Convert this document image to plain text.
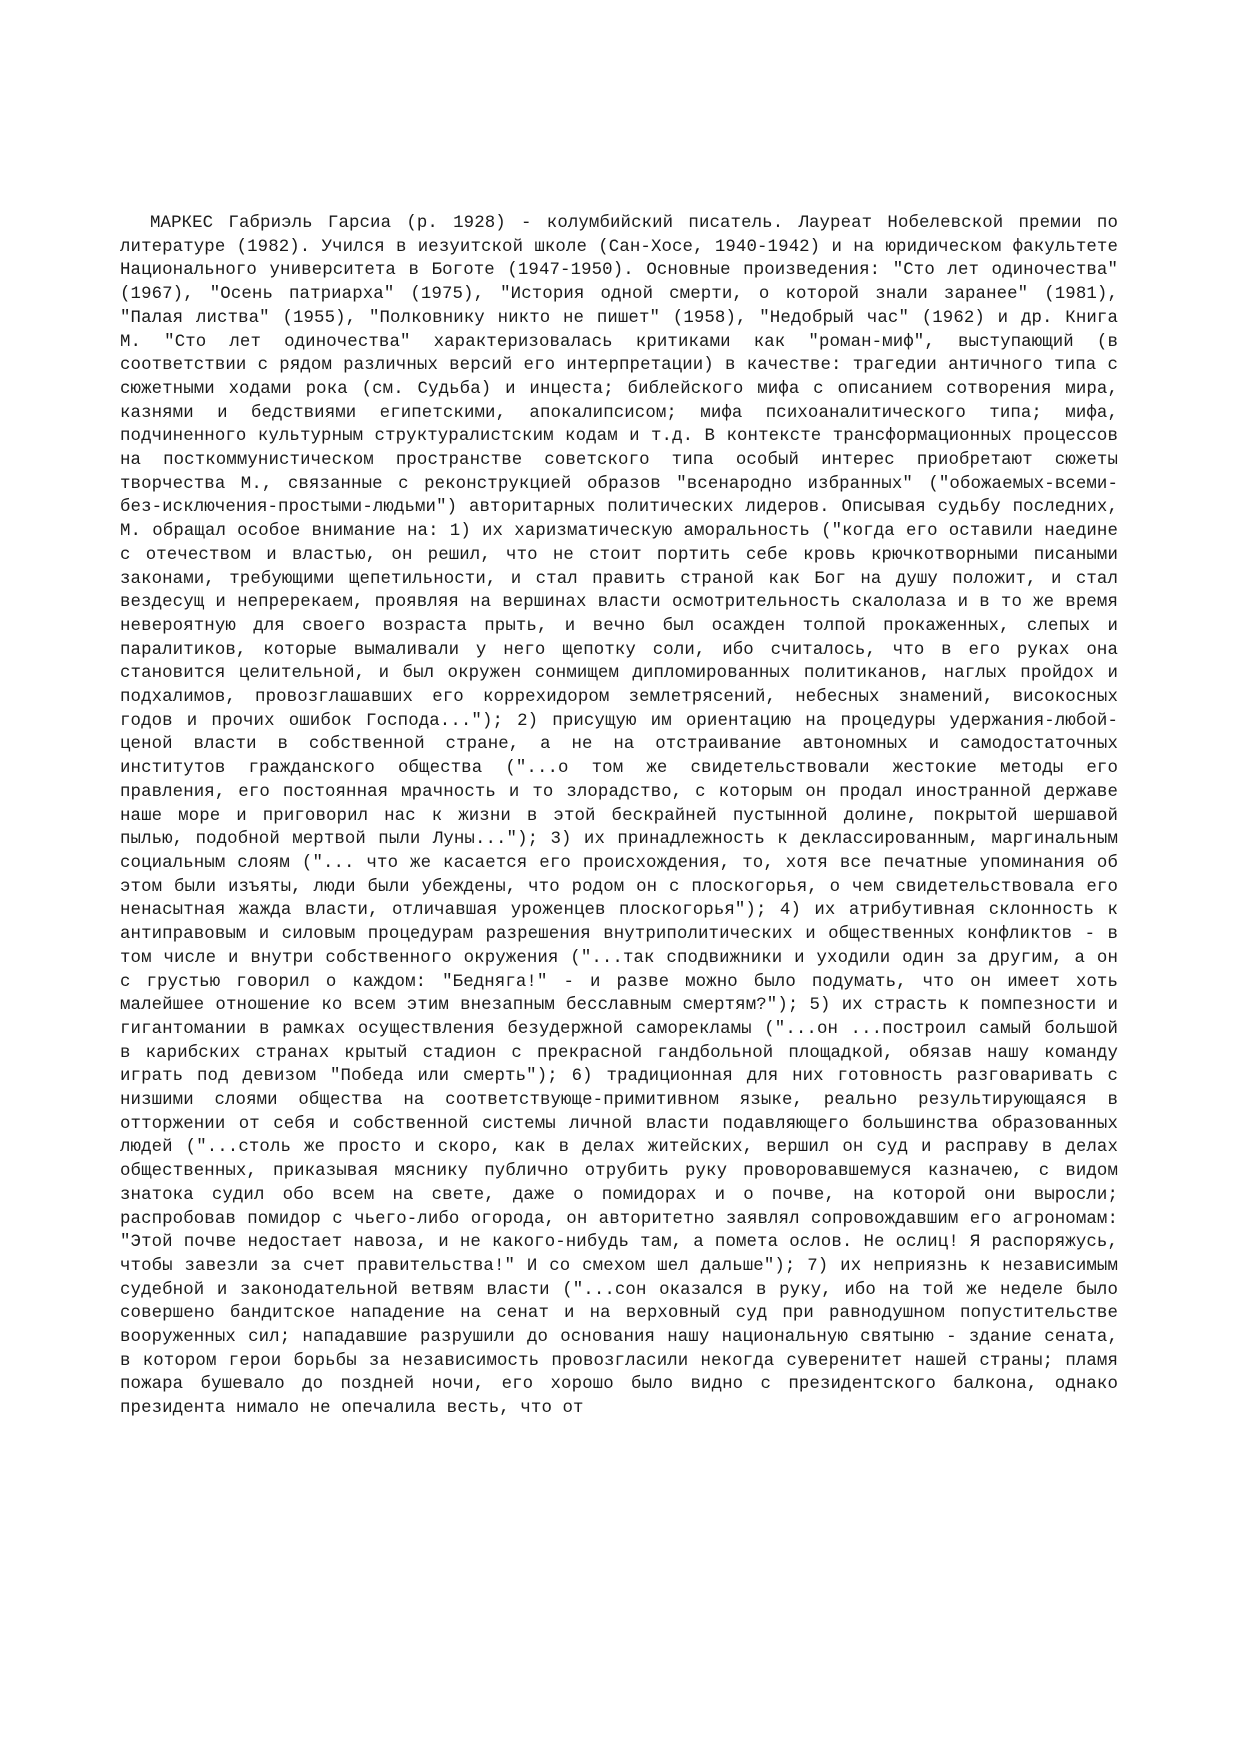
МАРКЕС Габриэль Гарсиа (р. 1928) - колумбийский писатель. Лауреат Нобелевской премии по литературе (1982). Учился в иезуитской школе (Сан-Хосе, 1940-1942) и на юридическом факультете Национального университета в Боготе (1947-1950). Основные произведения: "Сто лет одиночества" (1967), "Осень патриарха" (1975), "История одной смерти, о которой знали заранее" (1981), "Палая листва" (1955), "Полковнику никто не пишет" (1958), "Недобрый час" (1962) и др. Книга М. "Сто лет одиночества" характеризовалась критиками как "роман-миф", выступающий (в соответствии с рядом различных версий его интерпретации) в качестве: трагедии античного типа с сюжетными ходами рока (см. Судьба) и инцеста; библейского мифа с описанием сотворения мира, казнями и бедствиями египетскими, апокалипсисом; мифа психоаналитического типа; мифа, подчиненного культурным структуралистским кодам и т.д. В контексте трансформационных процессов на посткоммунистическом пространстве советского типа особый интерес приобретают сюжеты творчества М., связанные с реконструкцией образов "всенародно избранных" ("обожаемых-всеми-без-исключения-простыми-людьми") авторитарных политических лидеров. Описывая судьбу последних, М. обращал особое внимание на: 1) их харизматическую аморальность ("когда его оставили наедине с отечеством и властью, он решил, что не стоит портить себе кровь крючкотворными писаными законами, требующими щепетильности, и стал править страной как Бог на душу положит, и стал вездесущ и непререкаем, проявляя на вершинах власти осмотрительность скалолаза и в то же время невероятную для своего возраста прыть, и вечно был осажден толпой прокаженных, слепых и паралитиков, которые вымаливали у него щепотку соли, ибо считалось, что в его руках она становится целительной, и был окружен сонмищем дипломированных политиканов, наглых пройдох и подхалимов, провозглашавших его коррехидором землетрясений, небесных знамений, високосных годов и прочих ошибок Господа..."); 2) присущую им ориентацию на процедуры удержания-любой-ценой власти в собственной стране, а не на отстраивание автономных и самодостаточных институтов гражданского общества ("...о том же свидетельствовали жестокие методы его правления, его постоянная мрачность и то злорадство, с которым он продал иностранной державе наше море и приговорил нас к жизни в этой бескрайней пустынной долине, покрытой шершавой пылью, подобной мертвой пыли Луны..."); 3) их принадлежность к деклассированным, маргинальным социальным слоям ("... что же касается его происхождения, то, хотя все печатные упоминания об этом были изъяты, люди были убеждены, что родом он с плоскогорья, о чем свидетельствовала его ненасытная жажда власти, отличавшая уроженцев плоскогорья"); 4) их атрибутивная склонность к антиправовым и силовым процедурам разрешения внутриполитических и общественных конфликтов - в том числе и внутри собственного окружения ("...так сподвижники и уходили один за другим, а он с грустью говорил о каждом: "Бедняга!" - и разве можно было подумать, что он имеет хоть малейшее отношение ко всем этим внезапным бесславным смертям?"); 5) их страсть к помпезности и гигантомании в рамках осуществления безудержной саморекламы ("...он ...построил самый большой в карибских странах крытый стадион с прекрасной гандбольной площадкой, обязав нашу команду играть под девизом "Победа или смерть"); 6) традиционная для них готовность разговаривать с низшими слоями общества на соответствующе-примитивном языке, реально результирующаяся в отторжении от себя и собственной системы личной власти подавляющего большинства образованных людей ("...столь же просто и скоро, как в делах житейских, вершил он суд и расправу в делах общественных, приказывая мяснику публично отрубить руку проворовавшемуся казначею, с видом знатока судил обо всем на свете, даже о помидорах и о почве, на которой они выросли; распробовав помидор с чьего-либо огорода, он авторитетно заявлял сопровождавшим его агрономам: "Этой почве недостает навоза, и не какого-нибудь там, а помета ослов. Не ослиц! Я распоряжусь, чтобы завезли за счет правительства!" И со смехом шел дальше"); 7) их неприязнь к независимым судебной и законодательной ветвям власти ("...сон оказался в руку, ибо на той же неделе было совершено бандитское нападение на сенат и на верховный суд при равнодушном попустительстве вооруженных сил; нападавшие разрушили до основания нашу национальную святыню - здание сената, в котором герои борьбы за независимость провозгласили некогда суверенитет нашей страны; пламя пожара бушевало до поздней ночи, его хорошо было видно с президентского балкона, однако президента нимало не опечалила весть, что от
